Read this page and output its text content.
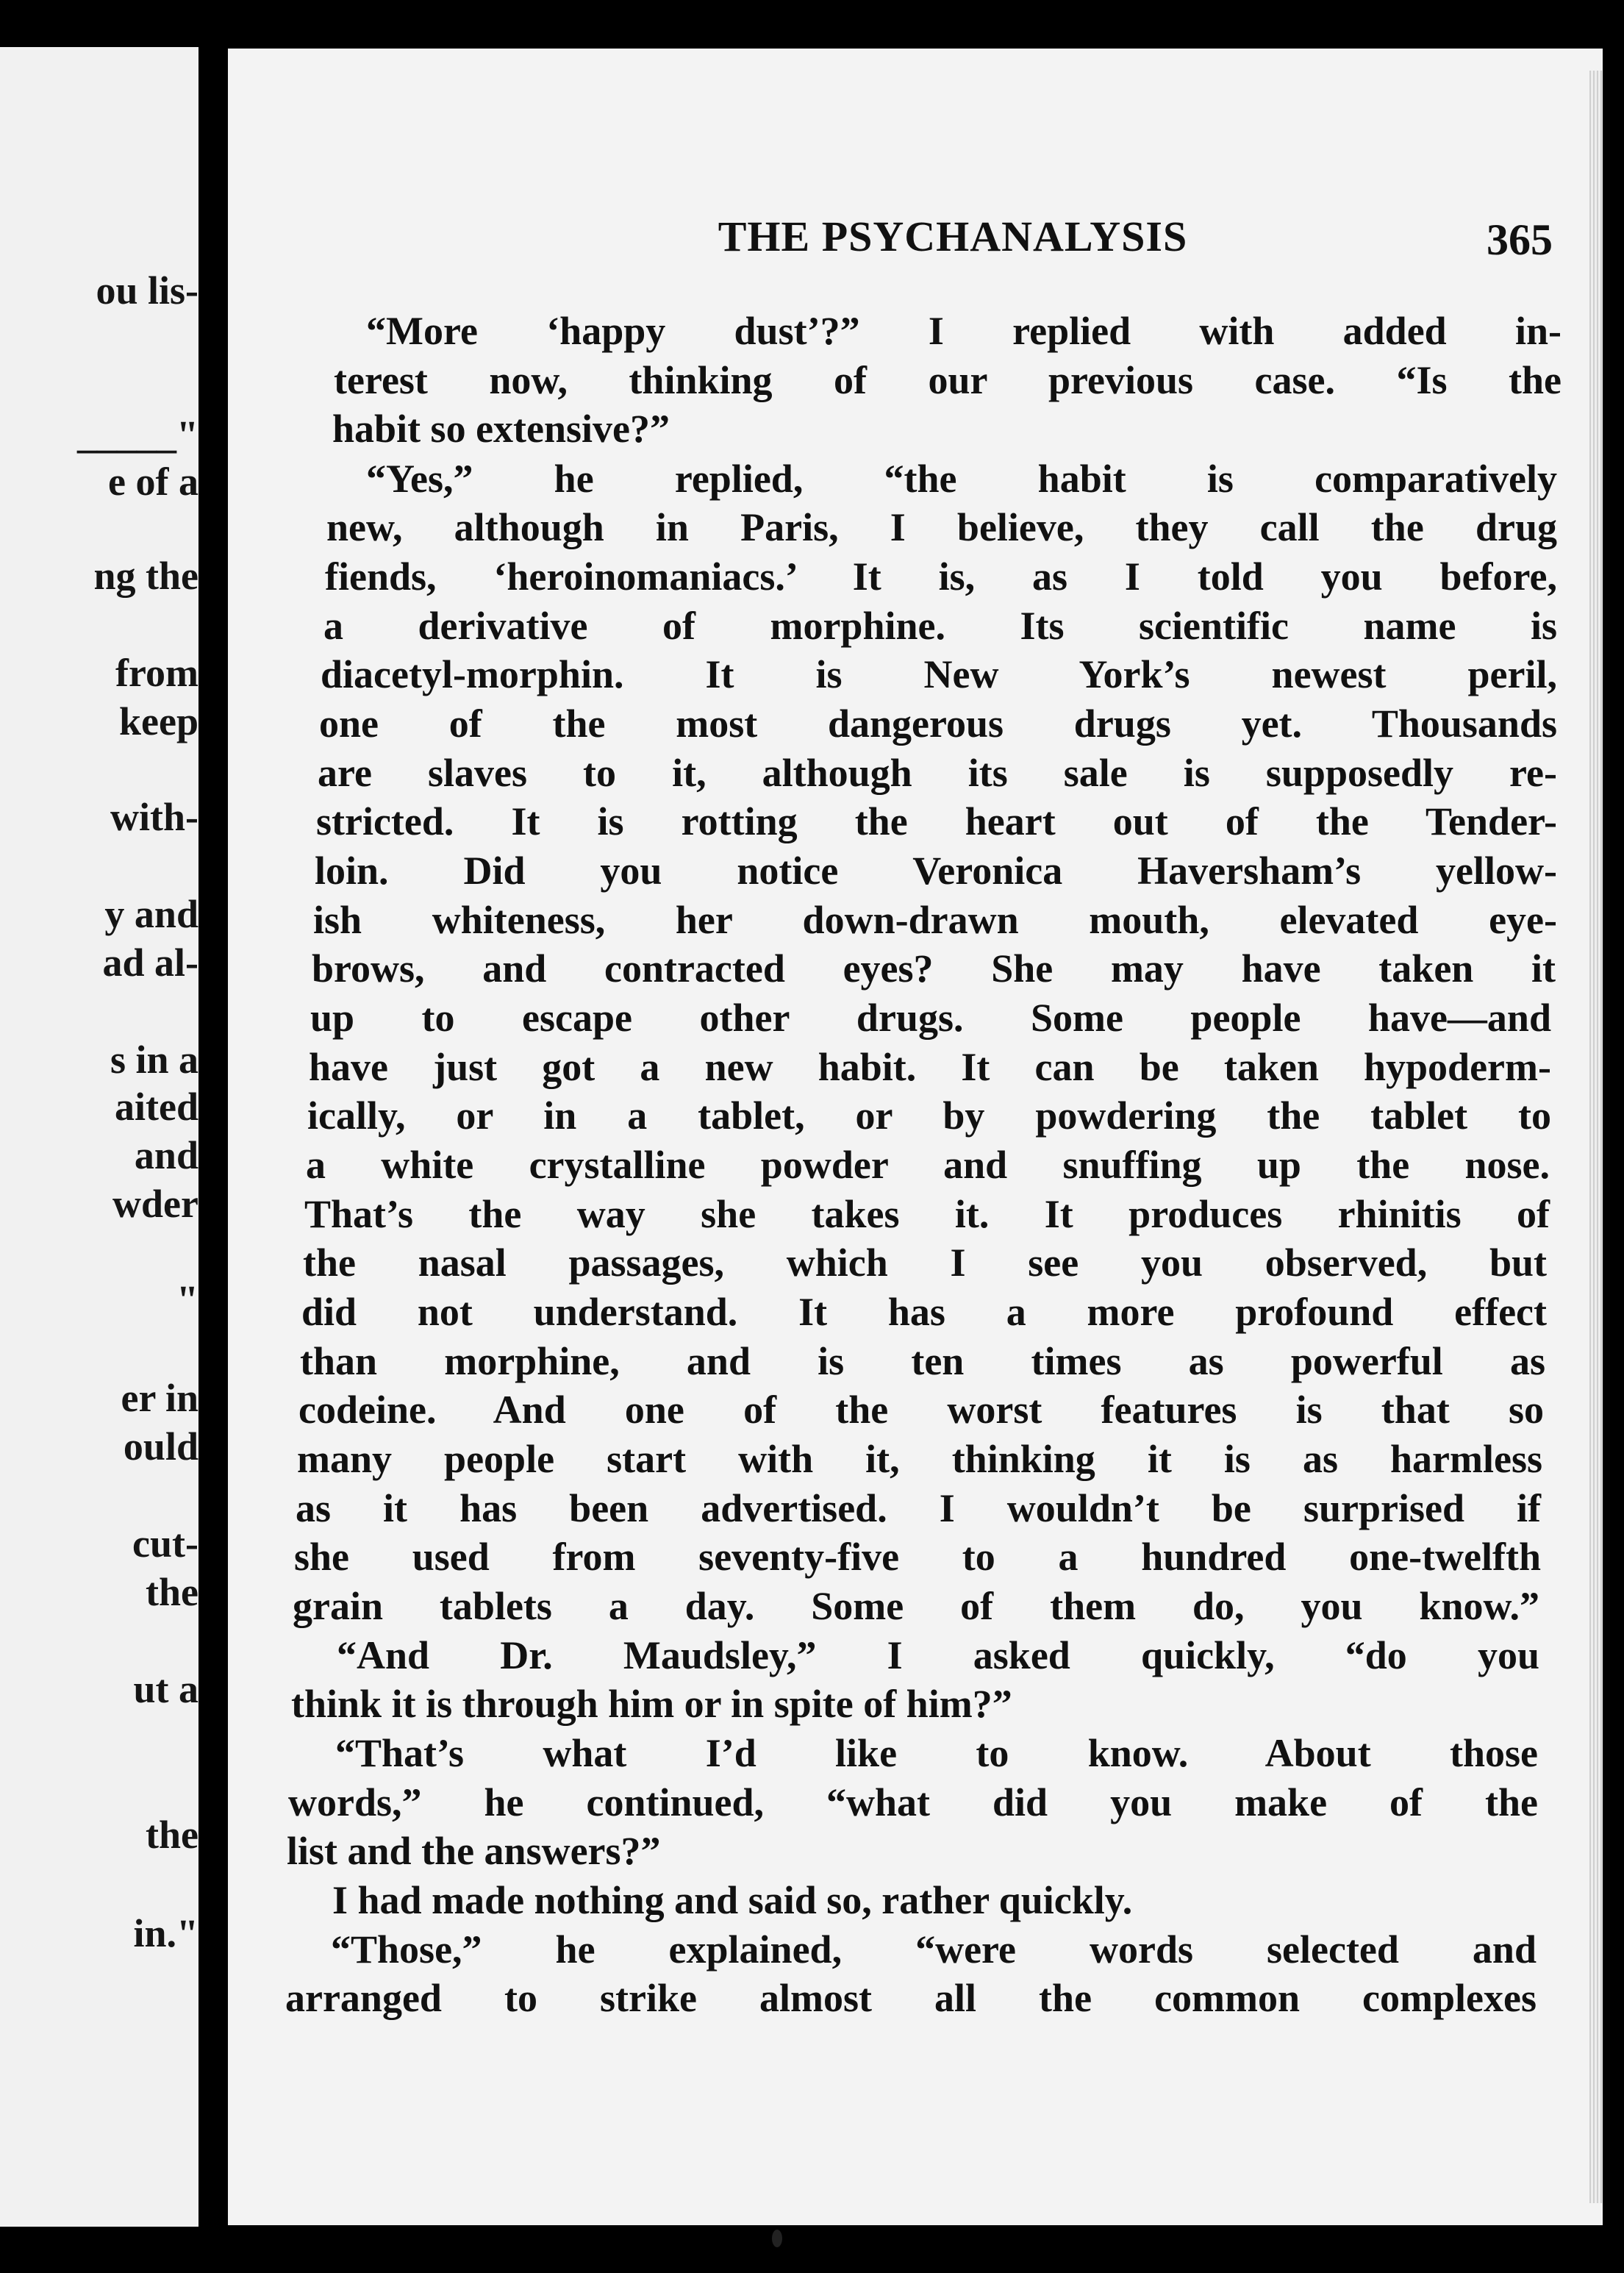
ou lis-
_____"
e of a
ng the
from
keep
with-
y and
ad al-
s in a
aited
and
wder
"
er in
ould
cut-
the
ut a
the
in."
THE PSYCHANALYSIS	365
“More ‘happy dust’?” I replied with added in-
terest now, thinking of our previous case. “Is the
habit so extensive?”
“Yes,” he replied, “the habit is comparatively
new, although in Paris, I believe, they call the drug
fiends, ‘heroinomaniacs.’ It is, as I told you before,
a derivative of morphine. Its scientific name is
diacetyl-morphin. It is New York’s newest peril,
one of the most dangerous drugs yet. Thousands
are slaves to it, although its sale is supposedly re-
stricted. It is rotting the heart out of the Tender-
loin. Did you notice Veronica Haversham’s yellow-
ish whiteness, her down-drawn mouth, elevated eye-
brows, and contracted eyes? She may have taken it
up to escape other drugs. Some people have—and
have just got a new habit. It can be taken hypoderm-
ically, or in a tablet, or by powdering the tablet to
a white crystalline powder and snuffing up the nose.
That’s the way she takes it. It produces rhinitis of
the nasal passages, which I see you observed, but
did not understand. It has a more profound effect
than morphine, and is ten times as powerful as
codeine. And one of the worst features is that so
many people start with it, thinking it is as harmless
as it has been advertised. I wouldn’t be surprised if
she used from seventy-five to a hundred one-twelfth
grain tablets a day. Some of them do, you know.”
“And Dr. Maudsley,” I asked quickly, “do you
think it is through him or in spite of him?”
“That’s what I’d like to know. About those
words,” he continued, “what did you make of the
list and the answers?”
I had made nothing and said so, rather quickly.
“Those,” he explained, “were words selected and
arranged to strike almost all the common complexes
